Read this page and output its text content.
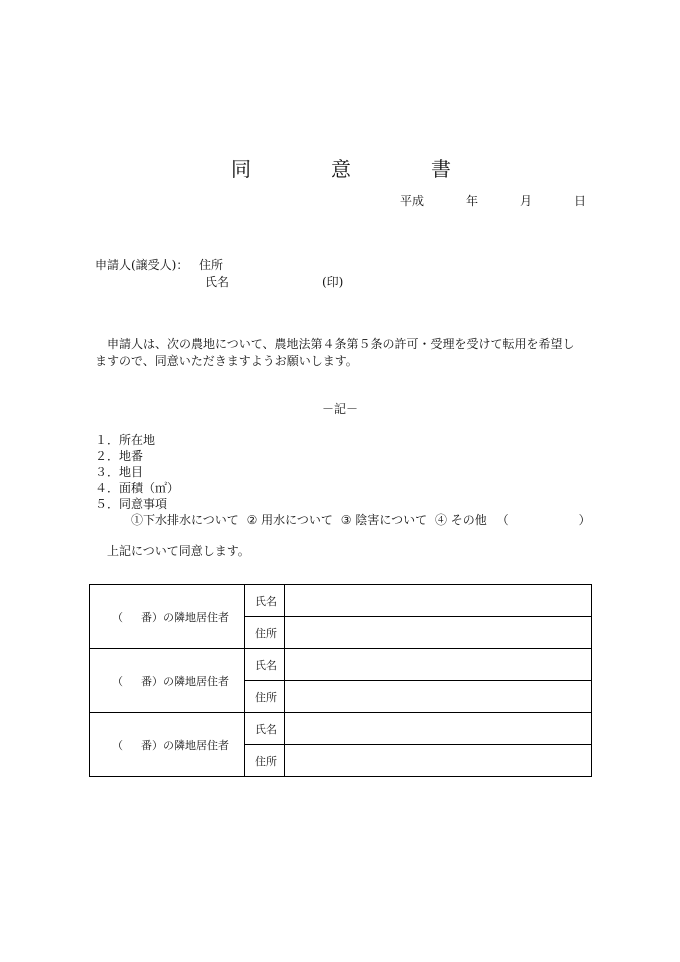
同	意	書
平成	年	月	日
申請人(譲受人)： 住所
氏名	(印)
申請人は、次の農地について、農地法第４条第５条の許可・受理を受けて転用を希望し
ますので、同意いただきますようお願いします。
－記－
１．所在地
２．地番
３．地目
４．面積（㎡）
５．同意事項
①下水排水について ② 用水について ③ 陰害について ④ その他 （	）
上記について同意します。
（ 番）の隣地居住者	氏名	
	住所	
（ 番）の隣地居住者	氏名	
	住所	
（ 番）の隣地居住者	氏名	
	住所	
